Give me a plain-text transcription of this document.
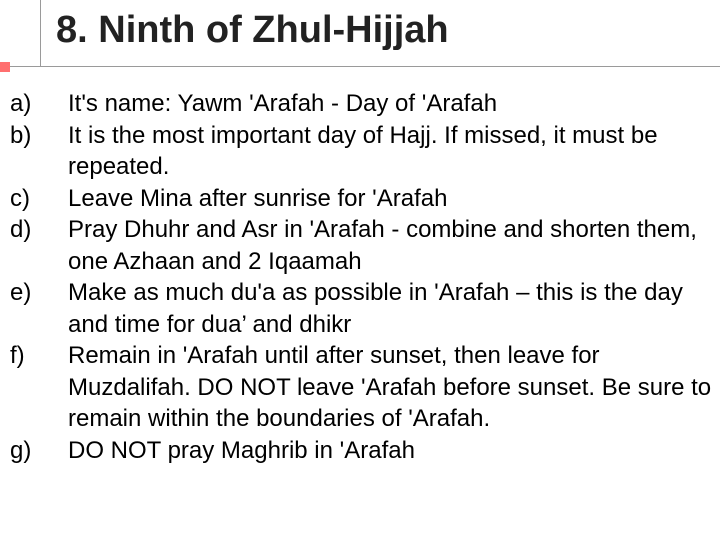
8. Ninth of Zhul-Hijjah
a)	It's name: Yawm 'Arafah - Day of 'Arafah
b)	It is the most important day of Hajj. If missed, it must be repeated.
c)	Leave Mina after sunrise for 'Arafah
d)	Pray Dhuhr and Asr in 'Arafah - combine and shorten them, one Azhaan and 2 Iqaamah
e)	Make as much du'a as possible in 'Arafah – this is the day and time for dua’ and dhikr
f)	Remain in 'Arafah until after sunset, then leave for Muzdalifah. DO NOT leave 'Arafah before sunset. Be sure to remain within the boundaries of 'Arafah.
g)	DO NOT pray Maghrib in 'Arafah
